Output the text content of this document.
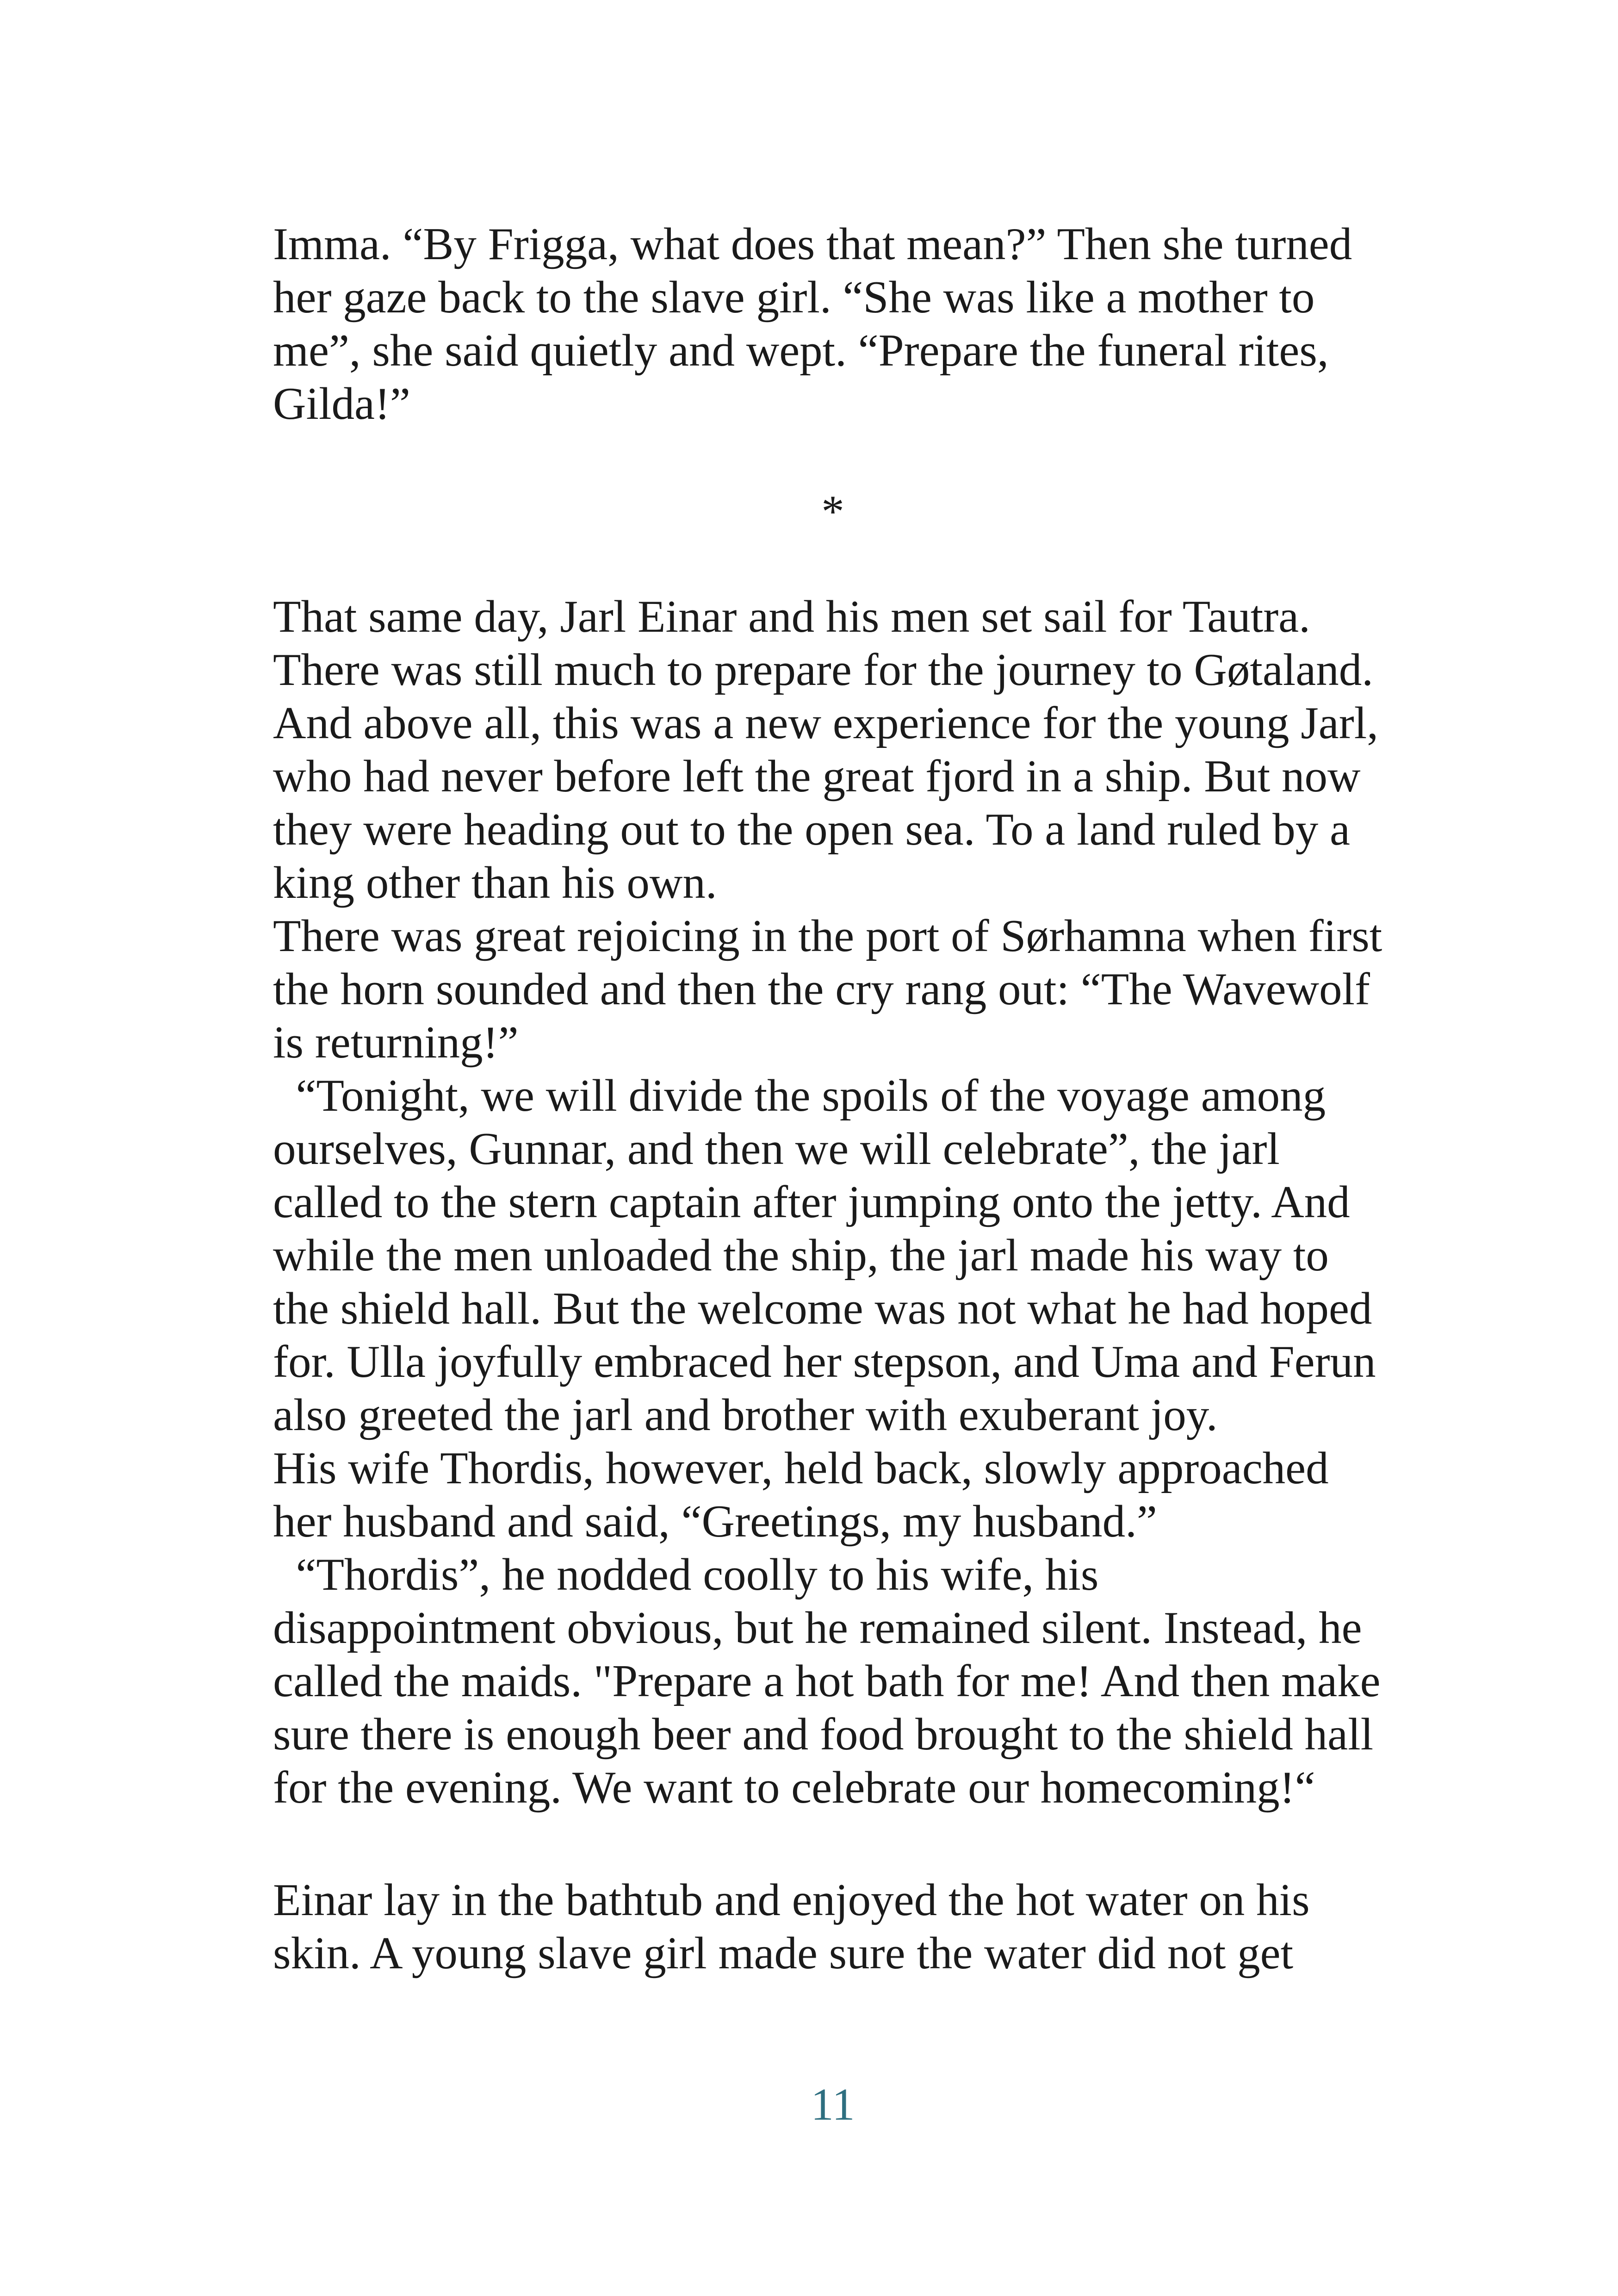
Imma. “By Frigga, what does that mean?” Then she turned
her gaze back to the slave girl. “She was like a mother to
me”, she said quietly and wept. “Prepare the funeral rites,
Gilda!”
*
That same day, Jarl Einar and his men set sail for Tautra.
There was still much to prepare for the journey to Gøtaland.
And above all, this was a new experience for the young Jarl,
who had never before left the great fjord in a ship. But now
they were heading out to the open sea. To a land ruled by a
king other than his own.
There was great rejoicing in the port of Sørhamna when first
the horn sounded and then the cry rang out: “The Wavewolf
is returning!”
“Tonight, we will divide the spoils of the voyage among
ourselves, Gunnar, and then we will celebrate”, the jarl
called to the stern captain after jumping onto the jetty. And
while the men unloaded the ship, the jarl made his way to
the shield hall. But the welcome was not what he had hoped
for. Ulla joyfully embraced her stepson, and Uma and Ferun
also greeted the jarl and brother with exuberant joy.
His wife Thordis, however, held back, slowly approached
her husband and said, “Greetings, my husband.”
“Thordis”, he nodded coolly to his wife, his
disappointment obvious, but he remained silent. Instead, he
called the maids. "Prepare a hot bath for me! And then make
sure there is enough beer and food brought to the shield hall
for the evening. We want to celebrate our homecoming!“
Einar lay in the bathtub and enjoyed the hot water on his
skin. A young slave girl made sure the water did not get
11
